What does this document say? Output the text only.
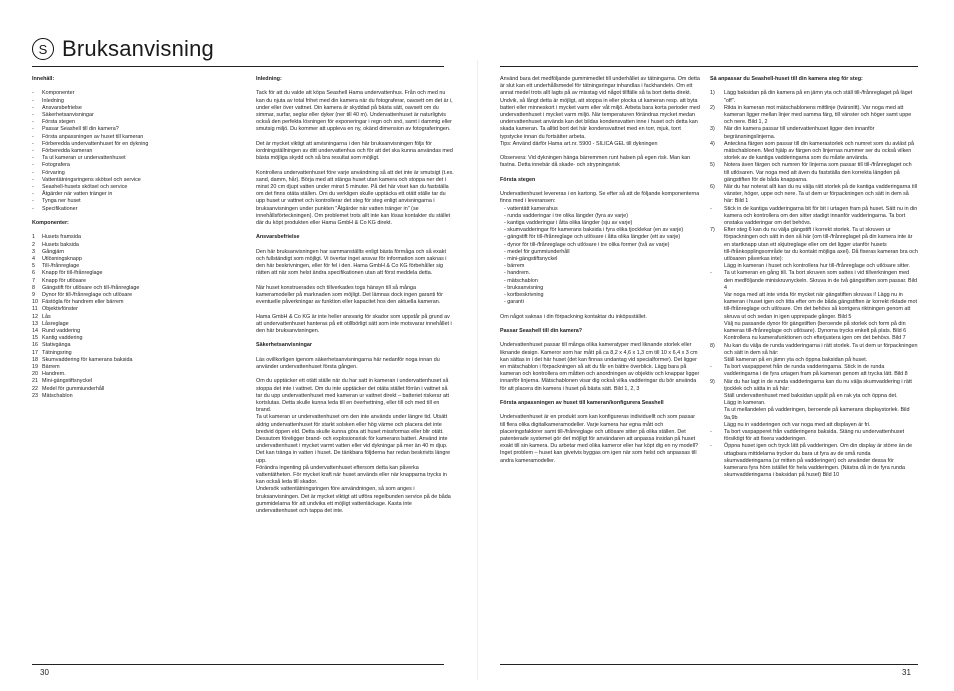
S Bruksanvisning
Innehåll:
- Komponenter
- Inledning
- Ansvarsbefrielse
- Säkerhetsanvisningar
- Första stegen
- Passar Seashell till din kamera?
- Första anpassningen av huset till kameran
- Förberedda undervattenhuset för en dykning
- Förberedda kameran
- Ta ut kameran ur undervattenhuset
- Fotografera
- Förvaring
- Vattentätningsringens skötsel och service
- Seashell-husets skötsel och service
- Åtgärder när vatten tränger in
- Tynga ner huset
- Specifikationer

Komponenter:
1 Husets framsida
2 Husets baksida
3 Gångjärn
4 Utlösningsknapp
5 Till-/frånreglage
6 Knapp för till-/frånreglage
7 Knapp för utlösare
8 Gängstift för utlösare och till-/frånreglage
9 Dynor för till-/frånreglage och utlösare
10 Fästögla för handrem eller bärrem
11 Objektivfönster
12 Lås
13 Låsreglage
14 Rund vaddering
15 Kantig vaddering
16 Stativgänga
17 Tätningsring
18 Skumvaddering för kamerans baksida
19 Bärrem
20 Handrem.
21 Mini-gängstiftsnyckel
22 Medel för gummiunderhåll
23 Mätschablon
Inledning:

Tack för att du valde att köpa Seashell Hama undervattenhus. Från och med nu kan du njuta av total frihet med din kamera när du fotograferar, oavsett om det är i, under eller över vattnet. Din kamera är skyddad på bästa sätt, oavsett om du simmar, surfar, seglar eller dyker (ner till 40 m). Undervattenhuset är naturligtvis också den perfekta lösningen för exponeringar i regn och snö, samt i dammig eller smutsig miljö. Du kommer att uppleva en ny, okänd dimension av fotograferingen.

Det är mycket viktigt att anvisningarna i den här bruksanvisningen följs för iordningställningen av ditt undervattenhus och för att det ska kunna användas med bästa möjliga skydd och så bra resultat som möjligt.

Kontrollera undervattenhuset före varje användning så att det inte är smutsigt (t.ex. sand, damm, hår). Börja med att stänga huset utan kamera och stoppa ner det i minst 20 cm djupt vatten under minst 5 minuter. På det här viset kan du fastställa om det finns otäta ställen. Om du verkligen skulle upptäcka ett otätt ställe tar du upp huset ur vattnet och kontrollerar det steg för steg enligt anvisningarna i bruksanvisningen under punkten "Åtgärder när vatten tränger in" (se innehållsförteckningen). Om problemet trots allt inte kan lösas kontakter du stället där du köpt produkten eller Hama GmbH & Co KG direkt.

Ansvarsbefrielse

Den här bruksanvisningen har sammanställts enligt bästa förmåga och så exakt och fullständigt som möjligt. Vi övertar inget ansvar för information som saknas i den här beskrivningen, eller för fel i den. Hama GmbH & Co KG förbehåller sig rätten att när som helst ändra specifikationen utan att först meddela detta.

När huset konstruerades och tillverkades togs hänsyn till så många kameramodeller på marknaden som möjligt. Det lämnas dock ingen garanti för eventuelle påverkningar av funktion eller kapacitet hos den aktuella kameran.

Hama GmbH & Co KG är inte heller ansvarig för skador som uppstår på grund av att undervattenhuset hanteras på ett otillbörligt sätt som inte motsvarar innehållet i den här bruksanvisningen.

Säkerhetsanvisningar

Läs ovillkorligen igenom säkerhetsanvisningarna här nedanför noga innan du använder undervattenhuset första gången.

Om du upptäcker ett otätt ställe när du har satt in kameran i undervattenhuset så stoppa det inte i vattnet. Om du inte upptäcker det otäta stället förrän i vattnet så tar du upp undervattenhuset med kameran ur vattnet direkt – batteriet riskerar att kortslutas. Detta skulle kunna leda till en överhettning, eller till och med till en brand.

Ta ut kameran ur undervattenhuset om den inte används under längre tid. Utsätt aldrig undervattenhuset för starkt solsken eller hög värme och placera det inte bredvid öppen eld. Detta skulle kunna göra att huset missformas eller blir otätt. Dessutom föreligger brand- och explosionsrisk för kamerans batteri. Använd inte undervattenhuset i mycket varmt vatten eller vid dykningar på mer än 40 m djup. Det kan tränga in vatten i huset. De tänkbara följderna har redan beskrivits längre upp.

Förändra ingenting på undervattenhuset eftersom detta kan påverka vattentätheten. För mycket kraft när huset används eller när knapparna trycks in kan också leda till skador.

Undersök vattentätningsringen före användningen, så som anges i bruksanvisningen. Det är mycket viktigt att utföra regelbunden service på de båda gummidelarna för att undvika ett möjligt vattenläckage. Kasta inte undervattenhuset och tappa det inte.

Använd bara det medföljande gummimedlet till underhållet av tätningarna. Om detta är slut kan ett underhållsmedel för tätningsringar inhandlas i fackhandeln. Om ett annat medel trots allt lagts på av misstag vid något tillfälle så ta bort detta direkt.

Undvik, så långt detta är möjligt, att stoppa in eller plocka ut kameran resp. att byta batteri eller minneskort i mycket varm eller våt miljö. Arbeta bara korta perioder med undervattenhuset i mycket varm miljö. När temperaturen förändras mycket medan undervattenhuset används kan det bildas kondensvatten inne i huset och detta kan skada kameran. Ta alltid bort det här kondensvattnet med en torr, mjuk, torrt typstycke innan du fortsätter arbeta.

Tips: Använd därför Hama art.nr. 5900 - SILICA GEL till dykningen

Observera: Vid dykningen hänga bärremmen runt halsen på egen risk. Man kan fastna. Detta innebär då skade- och strypningsrisk

Första stegen

Undervattenhuset levereras i en kartong. Se efter så att de följande komponenterna finns med i leveransen:

- vattentätt kamerahus
- runda vadderingar i tre olika längder (fyra av varje)
- kantiga vadderingar i åtta olika längder (sju av varje)
- skumvadderingar för kamerans baksida i fyra olika tjocklekar (en av varje)
- gängstift för till-/frånreglage och utlösare i åtta olika längder (ett av varje)
- dynor för till-/frånreglage och utlösare i tre olika former (två av varje)
- medel för gummiunderhåll
- mini-gängstiftsnyckel
- bärrem
- handrem.
- mätschablon
- bruksanvisning
- kortbeskrivning
- garanti

Om något saknas i din förpackning kontaktar du inköpsstället.

Passar Seashell till din kamera?

Undervattenhuset passar till många olika kameratyper med liknande storlek eller liknande design. Kameror som har mått på ca 8,2 x 4,6 x 1,3 cm till 10 x 6,4 x 3 cm kan sättas in i det här huset (det kan finnas undantag vid specialformer). Det ligger en mätschablon i förpackningen så att du får en bättre överblick. Lägg bara på kameran och kontrollera om måtten och anordningen av objektiv och knappar ligger innanför linjerna. Mätschablonen visar dig också vilka vadderingar du bör använda för att placera din kamera i huset på bästa sätt. Bild 1, 2, 3

Första anpassningen av huset till kameran/konfigurera Seashell

Undervattenhuset är en produkt som kan konfigureras individuellt och som passar till flera olika digitalkameramodeller. Varje kamera har egna mått och placeringsfaktorer samt till-/frånreglage och utlösare sitter på olika ställen. Det patenterade systemet gör det möjligt för användaren att anpassa insidan på huset exakt till sin kamera. Du arbetar med olika kameror eller har köpt dig en ny modell? Inget problem – huset kan givetvis byggas om igen när som helst och anpassas till andra kameramodeller.

Så anpassar du Seashell-huset till din kamera steg för steg:
1) Lägg baksidan på din kamera på en jämn yta och ställ till-/frånreglaget på läget "off".
2) Rikta in kameran mot mätschablonens mittlinje (tvärsnitt). Var noga med att kameran ligger mellan linjer med samma färg, till vänster och höger samt uppe och nere. Bild 1, 2
3) När din kamera passar till undervattenhuset ligger den innanför begränsningslinjerna.
4) Anteckna färgen som passar till din kamerastorlek och numret som du avläst på mätschablonen. Med hjälp av färgen och linjernas nummer ser du också vilken storlek av de kantiga vadderingarna som du måste använda.
5) Notera även färgen och numren för linjerna som passar till till-/frånreglaget och till utlösaren. Var noga med att även du fastställa den korrekta längden på gängstiften för de båda knapparna.
6) När du har noterat allt kan du nu välja rätt storlek på de kantiga vadderingarna till vänster, höger, uppe och nere. Ta ut dem ur förpackningen och sätt in dem så här: Bild 1
- Stick in de kantiga vadderingarna bit för bit i urtagen fram på huset. Sätt nu in din kamera och kontrollera om den sitter stadigt innanför vadderingarna. Ta bort onstaka vadderingar om det behövs.
7) Efter steg 6 kan du nu välja gängstift i korrekt storlek. Ta ut skruven ur förpackningen och sätt in den så här (om till-/frånreglaget på din kamera inte är en startknapp utan ett skjutreglage eller om det ligger utanför husets till-/frånkopplingsområde tar du kontakt möjliga axel). Då fixeras kameran bra och utlösaren påverkas inte):
Lägg in kameran i huset och kontrollera hur till-/frånreglage och utlösare sitter.
- Ta ut kameran en gång till. Ta bort skruven som sattes i vid tillverkningen med den medföljande miniskruvnyckeln. Skruva in de två gängstiften som passar. Bild 4
Var noga med att inte vrida för mycket när gängstiften skruvas i! Lägg nu in kameran i huset igen och titta efter om de båda gängstiften är korrekt riktade mot till-/frånreglage och utlösare. Om det behövs så korrigera riktningen genom att skruva ut och sedan in igen upprepade gånger. Bild 5
Välj nu passande dynor för gängstiften (beroende på storlek och form på din kameras till-/frånreglage och utlösare). Dynorna trycks enkelt på plats. Bild 6
Kontrollera nu kamerafunktionen och efterjustera igen om det behövs. Bild 7
8) Nu kan du välja de runda vadderingarna i rätt storlek. Ta ut dem ur förpackningen och sätt in dem så här:
Ställ kameran på en jämn yta och öppna baksidan på huset.
- Ta bort vaxpapperet från de runda vadderingarna. Stick in de runda vadderingarna i de fyra urtagen fram på kameran genom att trycka lätt. Bild 8
9) När du har lagt in de runda vadderingarna kan du nu välja skumvaddering i rätt tjocklek och sätta in så här:
Ställ undervattenhuset med baksidan uppåt på en rak yta och öppna det.
Lägg in kameran.
Ta ut mellandelen på vadderingen, beroende på kamerans displaystorlek. Bild 9a,9b
Lägg nu in vadderingen och var noga med att displayen är fri.
- Ta bort vaxpapperet från vadderingens baksida. Stäng nu undervattenhuset försiktigt för att fixera vadderingen.
- Öppna huset igen och tryck lätt på vadderingen. Om din display är större än de uttagbara mittdelarna trycker du bara ut fyra av de små runda skumvadderingarna (ur mitten på vadderingen) och använder dessa för kamerans fyra hörn istället för hela vadderingen. (Nästra då in de fyra runda skumvadderingarna i baksidan på huset) Bild 10
30	31
